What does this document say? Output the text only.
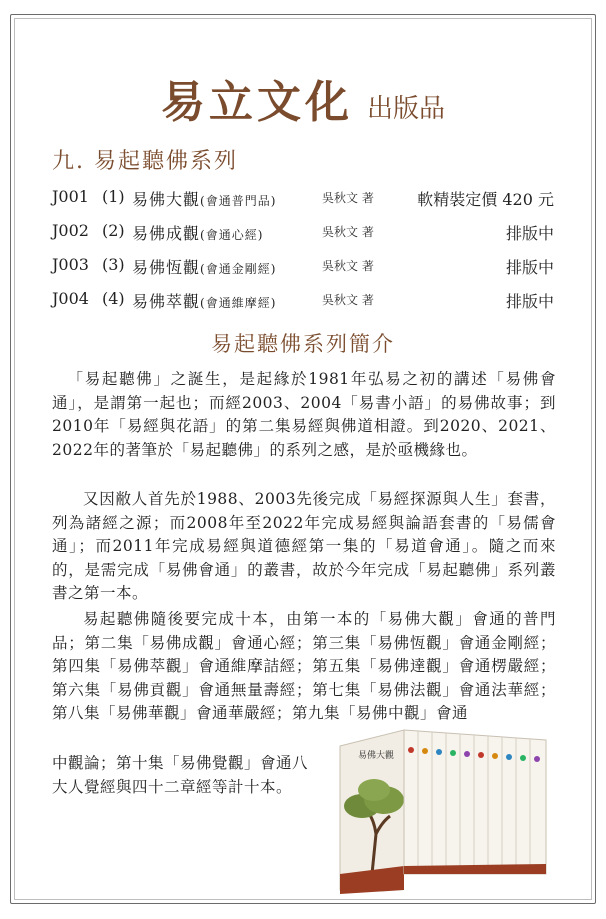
易立文化 出版品
九. 易起聽佛系列
J001 (1) 易佛大觀(會通普門品)	吳秋文 著	軟精裝定價 420 元
J002 (2) 易佛成觀(會通心經)	吳秋文 著	排版中
J003 (3) 易佛恆觀(會通金剛經)	吳秋文 著	排版中
J004 (4) 易佛萃觀(會通維摩經)	吳秋文 著	排版中
易起聽佛系列簡介
「易起聽佛」之誕生，是起緣於1981年弘易之初的講述「易佛會通」，是謂第一起也；而經2003、2004「易書小語」的易佛故事；到2010年「易經與花語」的第二集易經與佛道相證。到2020、2021、2022年的著筆於「易起聽佛」的系列之感，是於亟機緣也。
又因敝人首先於1988、2003先後完成「易經探源與人生」套書，列為諸經之源；而2008年至2022年完成易經與論語套書的「易儒會通」；而2011年完成易經與道德經第一集的「易道會通」。隨之而來的，是需完成「易佛會通」的叢書，故於今年完成「易起聽佛」系列叢書之第一本。
易起聽佛隨後要完成十本，由第一本的「易佛大觀」會通的普門品；第二集「易佛成觀」會通心經；第三集「易佛恆觀」會通金剛經；第四集「易佛萃觀」會通維摩詰經；第五集「易佛達觀」會通楞嚴經；第六集「易佛貢觀」會通無量壽經；第七集「易佛法觀」會通法華經；第八集「易佛華觀」會通華嚴經；第九集「易佛中觀」會通
中觀論；第十集「易佛覺觀」會通八大人覺經與四十二章經等計十本。
易佛大觀
